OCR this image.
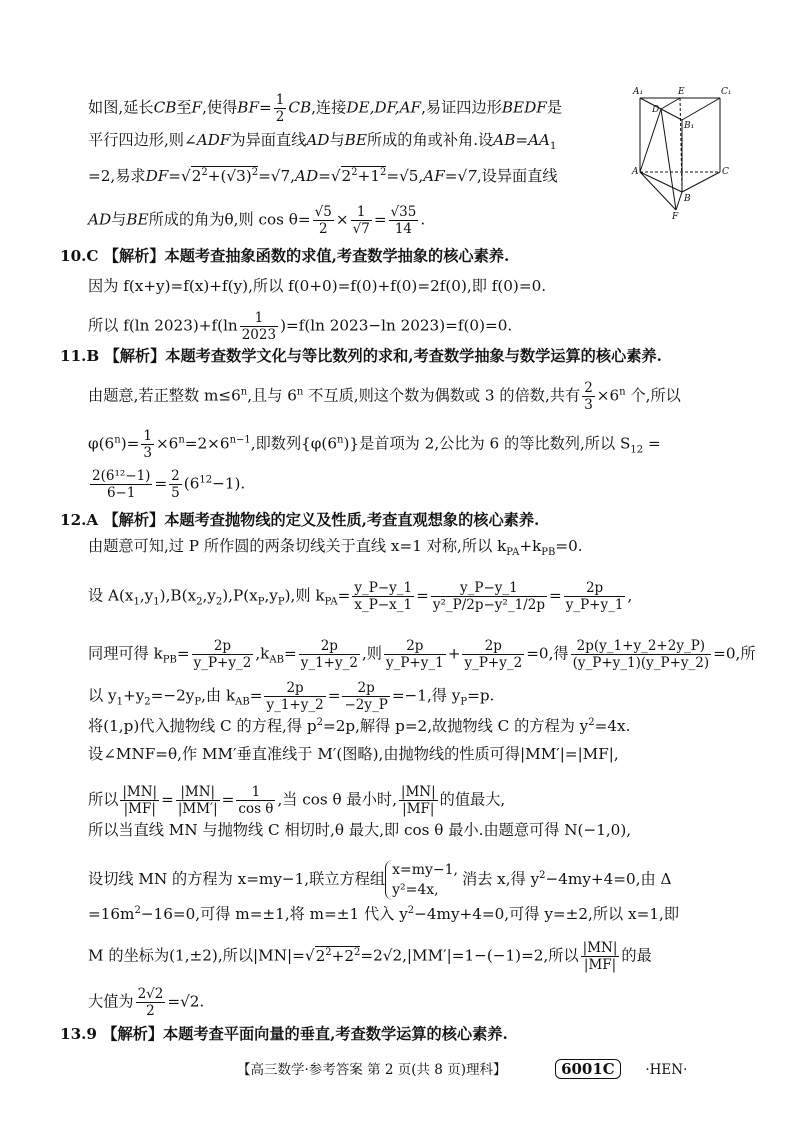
如图,延长CB至F,使得$BF= \frac{1}{2}$ CB,连接DE,DF,AF,易证四边形BEDF是
平行四边形,则∠ADF为异面直线AD与BE所成的角或补角.设$AB=AA_1$
=2,易求$DF=√2^2+(√3)^2=√7,AD=√2^2+1^2=√5,AF=√7$,设异面直线
AD与BE所成的角为θ,则 $\cos \theta= \frac{√5}{2} \times \frac{1}{√7} = \frac{√35}{14}$ .
A₁	E	C₁
D
B₁
A	C
B
F
10.C 【解析】本题考查抽象函数的求值,考查数学抽象的核心素养.
因为 f(x+y)=f(x)+f(y),所以 f(0+0)=f(0)+f(0)=2f(0),即 f(0)=0.
所以 f(ln $2023)+f(\ln \frac{1}{2023} )=f(\ln$ 2023−ln 2023)=f(0)=0.
11.B 【解析】本题考查数学文化与等比数列的求和,考查数学抽象与数学运算的核心素养.
由题意,若正整数 $m\le 6^n$,且与 6$^n$ 不互质,则这个数为偶数或 3 的倍数,共有 $\frac{2}{3} \times 6^n$ 个,所以
$\varphi(6^n)= \frac{1}{3} \times 6^n=2\times 6^{n-1}$,即数列{φ(6$^n$)}是首项为 2,公比为 6 的等比数列,所以 $S_{12}$ =
$\frac{\text{2(6¹²−1)}}{6-1} = \frac{2}{5} (6^{12}-1)$.
12.A 【解析】本题考查抛物线的定义及性质,考查直观想象的核心素养.
由题意可知,过 P 所作圆的两条切线关于直线 x=1 对称,所以 $k_{PA}+k_{PB}=0$.
设 $A(x_1,y_1),B(x_2,y_2),P(x_P,y_P)$,则 $k_{PA}= \frac{y\_P-y\_1}{x\_P-x\_1} = \frac{y\_P-y\_1}{\text{y²\_P/2p−y²\_1/2p}} = \frac{2p}{y\_P+y\_1}$ ,
同理可得 $k_{PB}= \frac{2p}{y\_P+y\_2} ,k_{AB}= \frac{2p}{y\_1+y\_2}$ ,则 $\frac{2p}{y\_P+y\_1} + \frac{2p}{y\_P+y\_2} =0$,得 $\frac{2p(y\_1+y\_2+2y\_P)}{(y\_P+y\_1)(y\_P+y\_2)} =0$,所
以 $y_1+y_2=-2y_P$,由 $k_{AB}= \frac{2p}{y\_1+y\_2} = \frac{2p}{-2y\_P} =-1$,得 $y_P=p$.
将(1,p)代入抛物线 C 的方程,得 $p^2=2p$,解得 p=2,故抛物线 C 的方程为 $y^2=4x$.
设∠MNF=θ,作 MM′垂直准线于 M′(图略),由抛物线的性质可得|MM′|=|MF|,
所以 $\frac{|MN|}{|MF|} = \frac{|MN|}{|MM'|} = \frac{1}{\text{cos θ}}$ ,当 cos θ 最小时, $\frac{|MN|}{|MF|}$ 的值最大,
所以当直线 MN 与抛物线 C 相切时,θ 最大,即 cos θ 最小.由题意可得 N(−1,0),
设切线 MN 的方程为 x=my−1,联立方程组 x=my−1,
y²=4x,
消去 x,得 $y^2-4my+4=0$,由 Δ
$=16m^2-16=0$,可得 m=±1,将 m=±1 代入 $y^2-4my+4=0$,可得 y=±2,所以 x=1,即
M 的坐标为(1,±2),所以$|MN|=√2^2+2^2=2√2,|MM'|=1-(-1)=2$,所以 $\frac{|MN|}{|MF|}$ 的最
大值为 $\frac{2√2}{2} =√2$.
13.9 【解析】本题考查平面向量的垂直,考查数学运算的核心素养.
【高三数学·参考答案 第 2 页(共 8 页)理科】	6001C ·HEN·
